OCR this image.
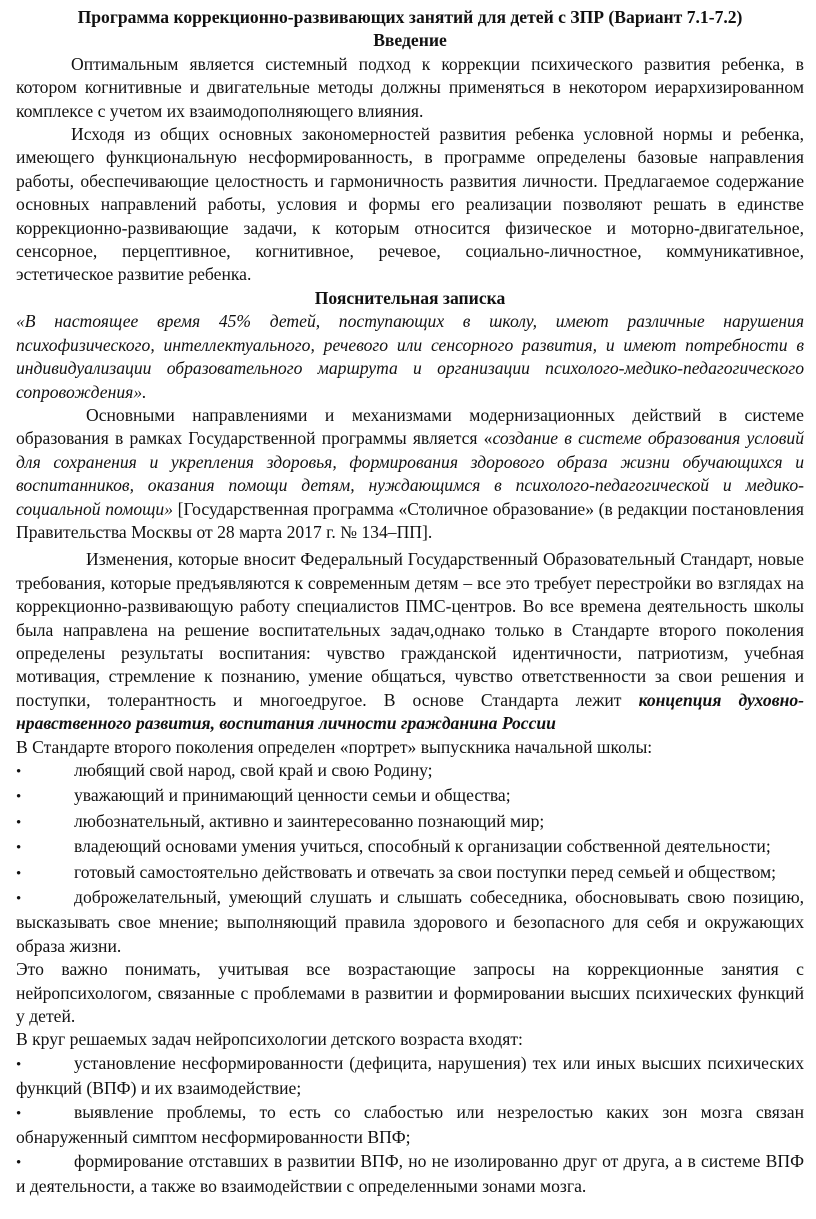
Программа коррекционно-развивающих занятий для детей с ЗПР (Вариант 7.1-7.2)

Введение

Оптимальным является системный подход к коррекции психического развития ребенка, в котором когнитивные и двигательные методы должны применяться в некотором иерархизированном комплексе с учетом их взаимодополняющего влияния.

Исходя из общих основных закономерностей развития ребенка условной нормы и ребенка, имеющего функциональную несформированность, в программе определены базовые направления работы, обеспечивающие целостность и гармоничность развития личности. Предлагаемое содержание основных направлений работы, условия и формы его реализации позволяют решать в единстве коррекционно-развивающие задачи, к которым относится физическое и моторно-двигательное, сенсорное, перцептивное, когнитивное, речевое, социально-личностное, коммуникативное, эстетическое развитие ребенка.

Пояснительная записка

«В настоящее время 45% детей, поступающих в школу, имеют различные нарушения психофизического, интеллектуального, речевого или сенсорного развития, и имеют потребности в индивидуализации образовательного маршрута и организации психолого-медико-педагогического сопровождения».

Основными направлениями и механизмами модернизационных действий в системе образования в рамках Государственной программы является «создание в системе образования условий для сохранения и укрепления здоровья, формирования здорового образа жизни обучающихся и воспитанников, оказания помощи детям, нуждающимся в психолого-педагогической и медико-социальной помощи» [Государственная программа «Столичное образование» (в редакции постановления Правительства Москвы от 28 марта 2017 г. № 134–ПП].

Изменения, которые вносит Федеральный Государственный Образовательный Стандарт, новые требования, которые предъявляются к современным детям – все это требует перестройки во взглядах на коррекционно-развивающую работу специалистов ПМС-центров. Во все времена деятельность школы была направлена на решение воспитательных задач,однако только в Стандарте второго поколения определены результаты воспитания: чувство гражданской идентичности, патриотизм, учебная мотивация, стремление к познанию, умение общаться, чувство ответственности за свои решения и поступки, толерантность и многоедругое. В основе Стандарта лежит концепция духовно-нравственного развития, воспитания личности гражданина России

В Стандарте второго поколения определен «портрет» выпускника начальной школы:

•	любящий свой народ, свой край и свою Родину;

•	уважающий и принимающий ценности семьи и общества;

•	любознательный, активно и заинтересованно познающий мир;

•	владеющий основами умения учиться, способный к организации собственной деятельности;

•	готовый самостоятельно действовать и отвечать за свои поступки перед семьей и обществом;

•	доброжелательный, умеющий слушать и слышать собеседника, обосновывать свою позицию, высказывать свое мнение; выполняющий правила здорового и безопасного для себя и окружающих образа жизни.

Это важно понимать, учитывая все возрастающие запросы на коррекционные занятия с нейропсихологом, связанные с проблемами в развитии и формировании высших психических функций у детей.

В круг решаемых задач нейропсихологии детского возраста входят:

•	установление несформированности (дефицита, нарушения) тех или иных высших психических функций (ВПФ) и их взаимодействие;

•	выявление проблемы, то есть со слабостью или незрелостью каких зон мозга связан обнаруженный симптом несформированности ВПФ;

•	формирование отставших в развитии ВПФ, но не изолированно друг от друга, а в системе ВПФ и деятельности, а также во взаимодействии с определенными зонами мозга.
